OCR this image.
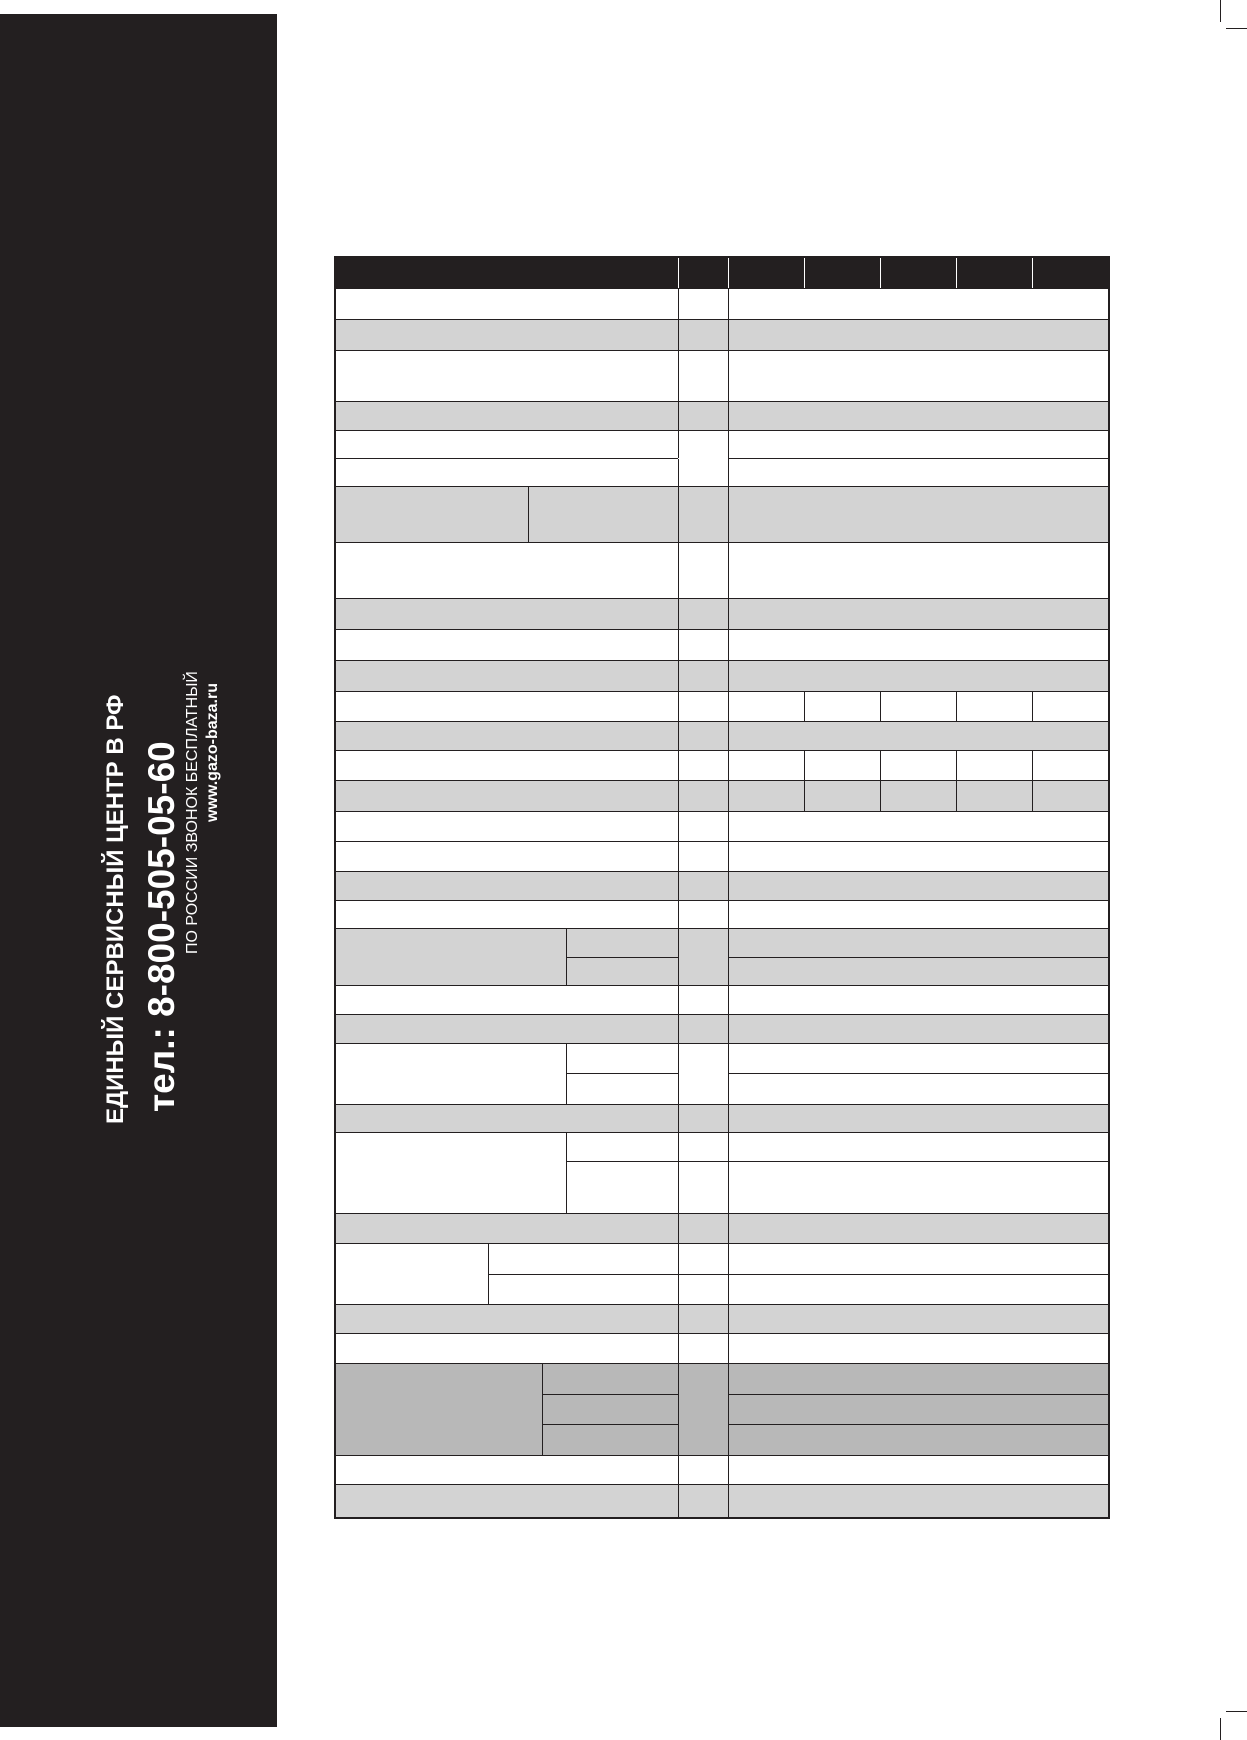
ЕДИНЫЙ СЕРВИСНЫЙ ЦЕНТР В РФ тел.: 8-800-505-05-60 ПО РОССИИ ЗВОНОК БЕСПЛАТНЫЙ www.gazo-baza.ru
